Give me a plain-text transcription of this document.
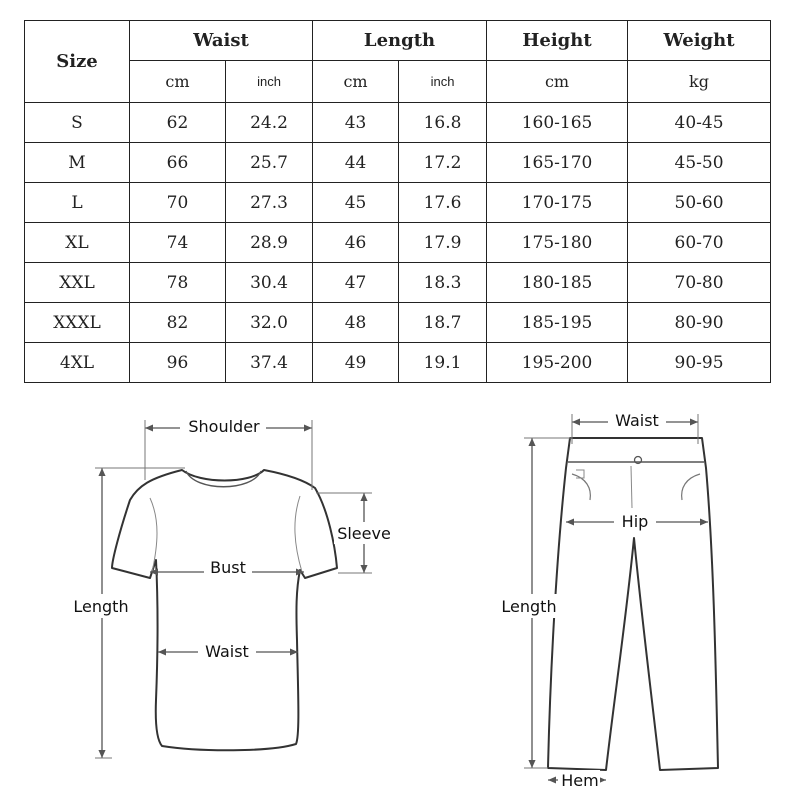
Size	Waist		Length		Height	Weight
	cm	inch	cm	inch	cm	kg
S	62	24.2	43	16.8	160-165	40-45
M	66	25.7	44	17.2	165-170	45-50
L	70	27.3	45	17.6	170-175	50-60
XL	74	28.9	46	17.9	175-180	60-70
XXL	78	30.4	47	18.3	180-185	70-80
XXXL	82	32.0	48	18.7	185-195	80-90
4XL	96	37.4	49	19.1	195-200	90-95
Shoulder
Sleeve
Bust
Waist
Length
Waist
Hip
Length
Hem
